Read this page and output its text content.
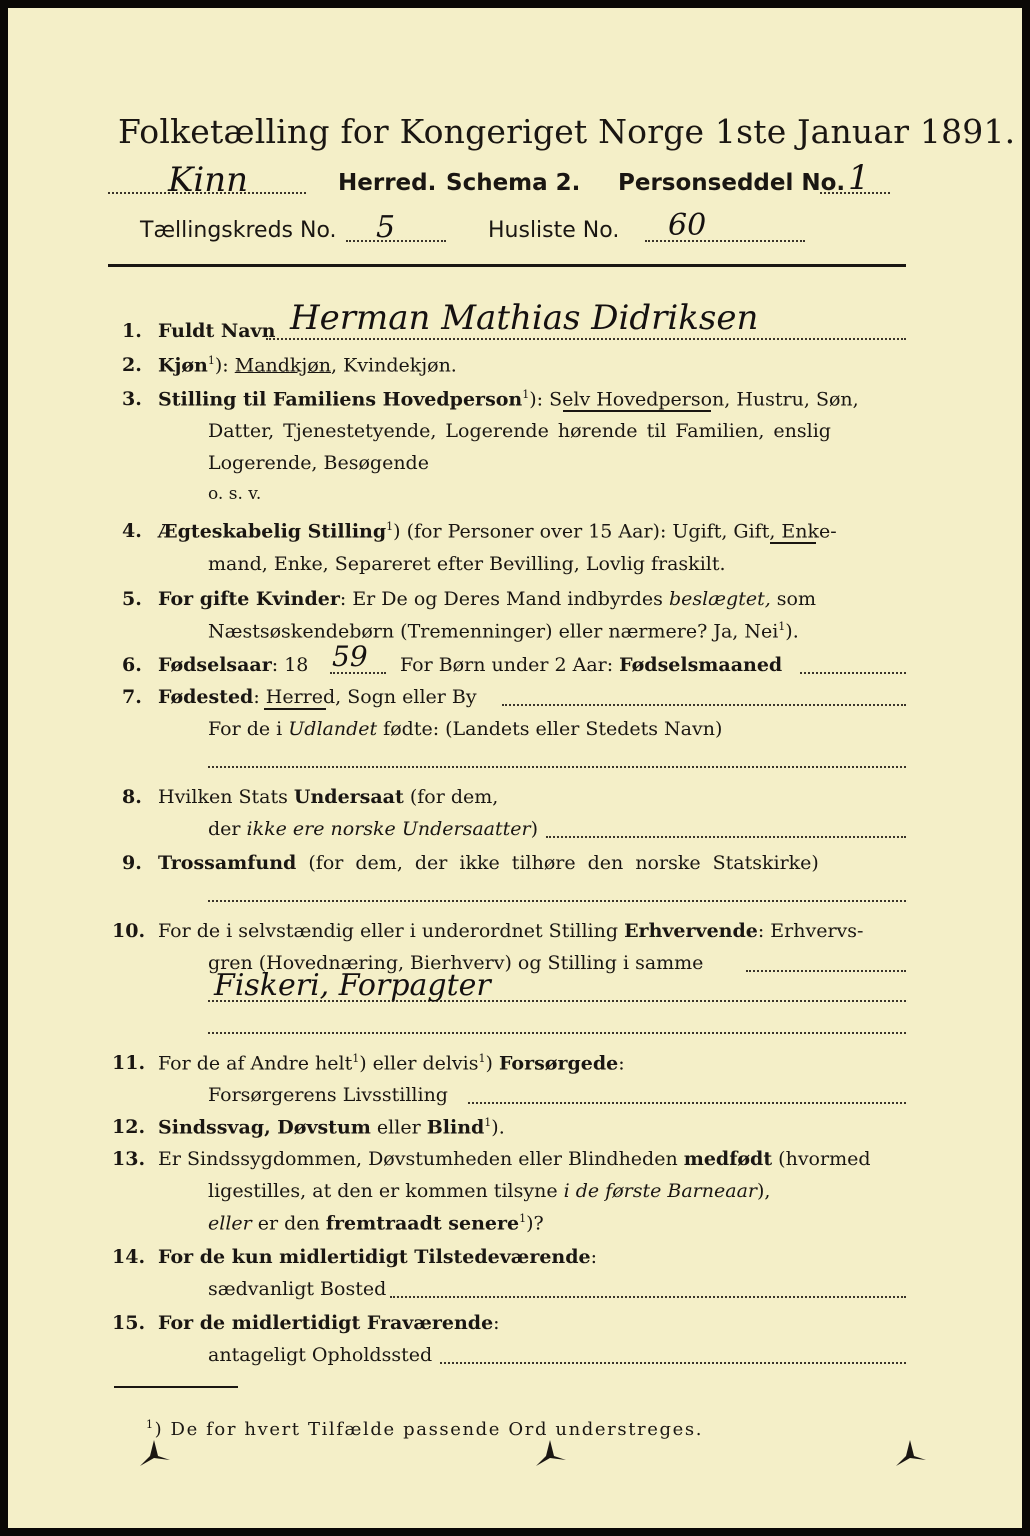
Folketælling for Kongeriget Norge 1ste Januar 1891.
Kinn	Herred. Schema 2. Personseddel No. 1
Tællingskreds No. 5	Husliste No. 60
1. Fuldt Navn Herman Mathias Didriksen
2. Kjøn$^1$): Mandkjøn, Kvindekjøn.
3. Stilling til Familiens Hovedperson$^1$): Selv Hovedperson, Hustru, Søn,
Datter, Tjenestetyende, Logerende hørende til Familien, enslig
Logerende, Besøgende
o. s. v.
4. Ægteskabelig Stilling$^1$) (for Personer over 15 Aar): Ugift, Gift, Enke-
mand, Enke, Separeret efter Bevilling, Lovlig fraskilt.
5. For gifte Kvinder: Er De og Deres Mand indbyrdes beslægtet, som
Næstsøskendebørn (Tremenninger) eller nærmere? Ja, Nei$^1$).
6. Fødselsaar: 18 59 For Børn under 2 Aar: Fødselsmaaned
7. Fødested: Herred, Sogn eller By
For de i Udlandet fødte: (Landets eller Stedets Navn)
8. Hvilken Stats Undersaat (for dem,
der ikke ere norske Undersaatter)
9. Trossamfund (for dem, der ikke tilhøre den norske Statskirke)
10. For de i selvstændig eller i underordnet Stilling Erhvervende: Erhvervs-
gren (Hovednæring, Bierhverv) og Stilling i samme
Fiskeri, Forpagter
11. For de af Andre helt$^1$) eller delvis$^1$) Forsørgede:
Forsørgerens Livsstilling
12. Sindssvag, Døvstum eller Blind$^1$).
13. Er Sindssygdommen, Døvstumheden eller Blindheden medfødt (hvormed
ligestilles, at den er kommen tilsyne i de første Barneaar),
eller er den fremtraadt senere$^1$)?
14. For de kun midlertidigt Tilstedeværende:
sædvanligt Bosted
15. For de midlertidigt Fraværende:
antageligt Opholdssted
$^1$) De for hvert Tilfælde passende Ord understreges.
